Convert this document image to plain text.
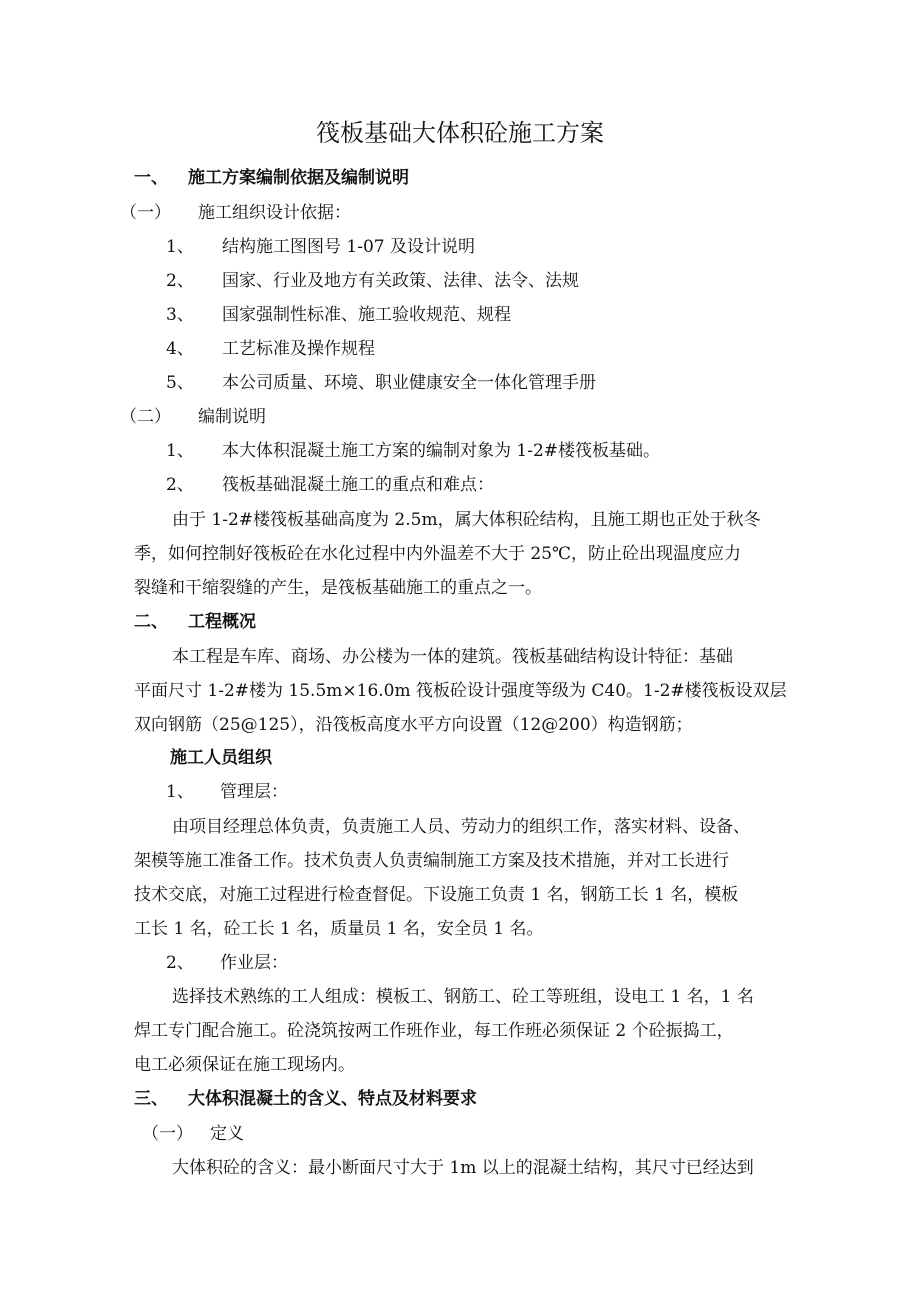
筏板基础大体积砼施工方案
一、 施工方案编制依据及编制说明
（一） 施工组织设计依据：
1、 结构施工图图号 1-07 及设计说明
2、 国家、行业及地方有关政策、法律、法令、法规
3、 国家强制性标准、施工验收规范、规程
4、 工艺标准及操作规程
5、 本公司质量、环境、职业健康安全一体化管理手册
（二） 编制说明
1、 本大体积混凝土施工方案的编制对象为 1-2#楼筏板基础。
2、 筏板基础混凝土施工的重点和难点：
由于 1-2#楼筏板基础高度为 2.5m，属大体积砼结构，且施工期也正处于秋冬
季，如何控制好筏板砼在水化过程中内外温差不大于 25℃，防止砼出现温度应力
裂缝和干缩裂缝的产生，是筏板基础施工的重点之一。
二、 工程概况
本工程是车库、商场、办公楼为一体的建筑。筏板基础结构设计特征：基础
平面尺寸 1-2#楼为 15.5m×16.0m 筏板砼设计强度等级为 C40。1-2#楼筏板设双层
双向钢筋（25@125），沿筏板高度水平方向设置（12@200）构造钢筋；
施工人员组织
1、 管理层：
由项目经理总体负责，负责施工人员、劳动力的组织工作，落实材料、设备、
架模等施工准备工作。技术负责人负责编制施工方案及技术措施，并对工长进行
技术交底，对施工过程进行检查督促。下设施工负责 1 名，钢筋工长 1 名，模板
工长 1 名，砼工长 1 名，质量员 1 名，安全员 1 名。
2、 作业层：
选择技术熟练的工人组成：模板工、钢筋工、砼工等班组，设电工 1 名，1 名
焊工专门配合施工。砼浇筑按两工作班作业，每工作班必须保证 2 个砼振捣工，
电工必须保证在施工现场内。
三、 大体积混凝土的含义、特点及材料要求
（一） 定义
大体积砼的含义：最小断面尺寸大于 1m 以上的混凝土结构，其尺寸已经达到
